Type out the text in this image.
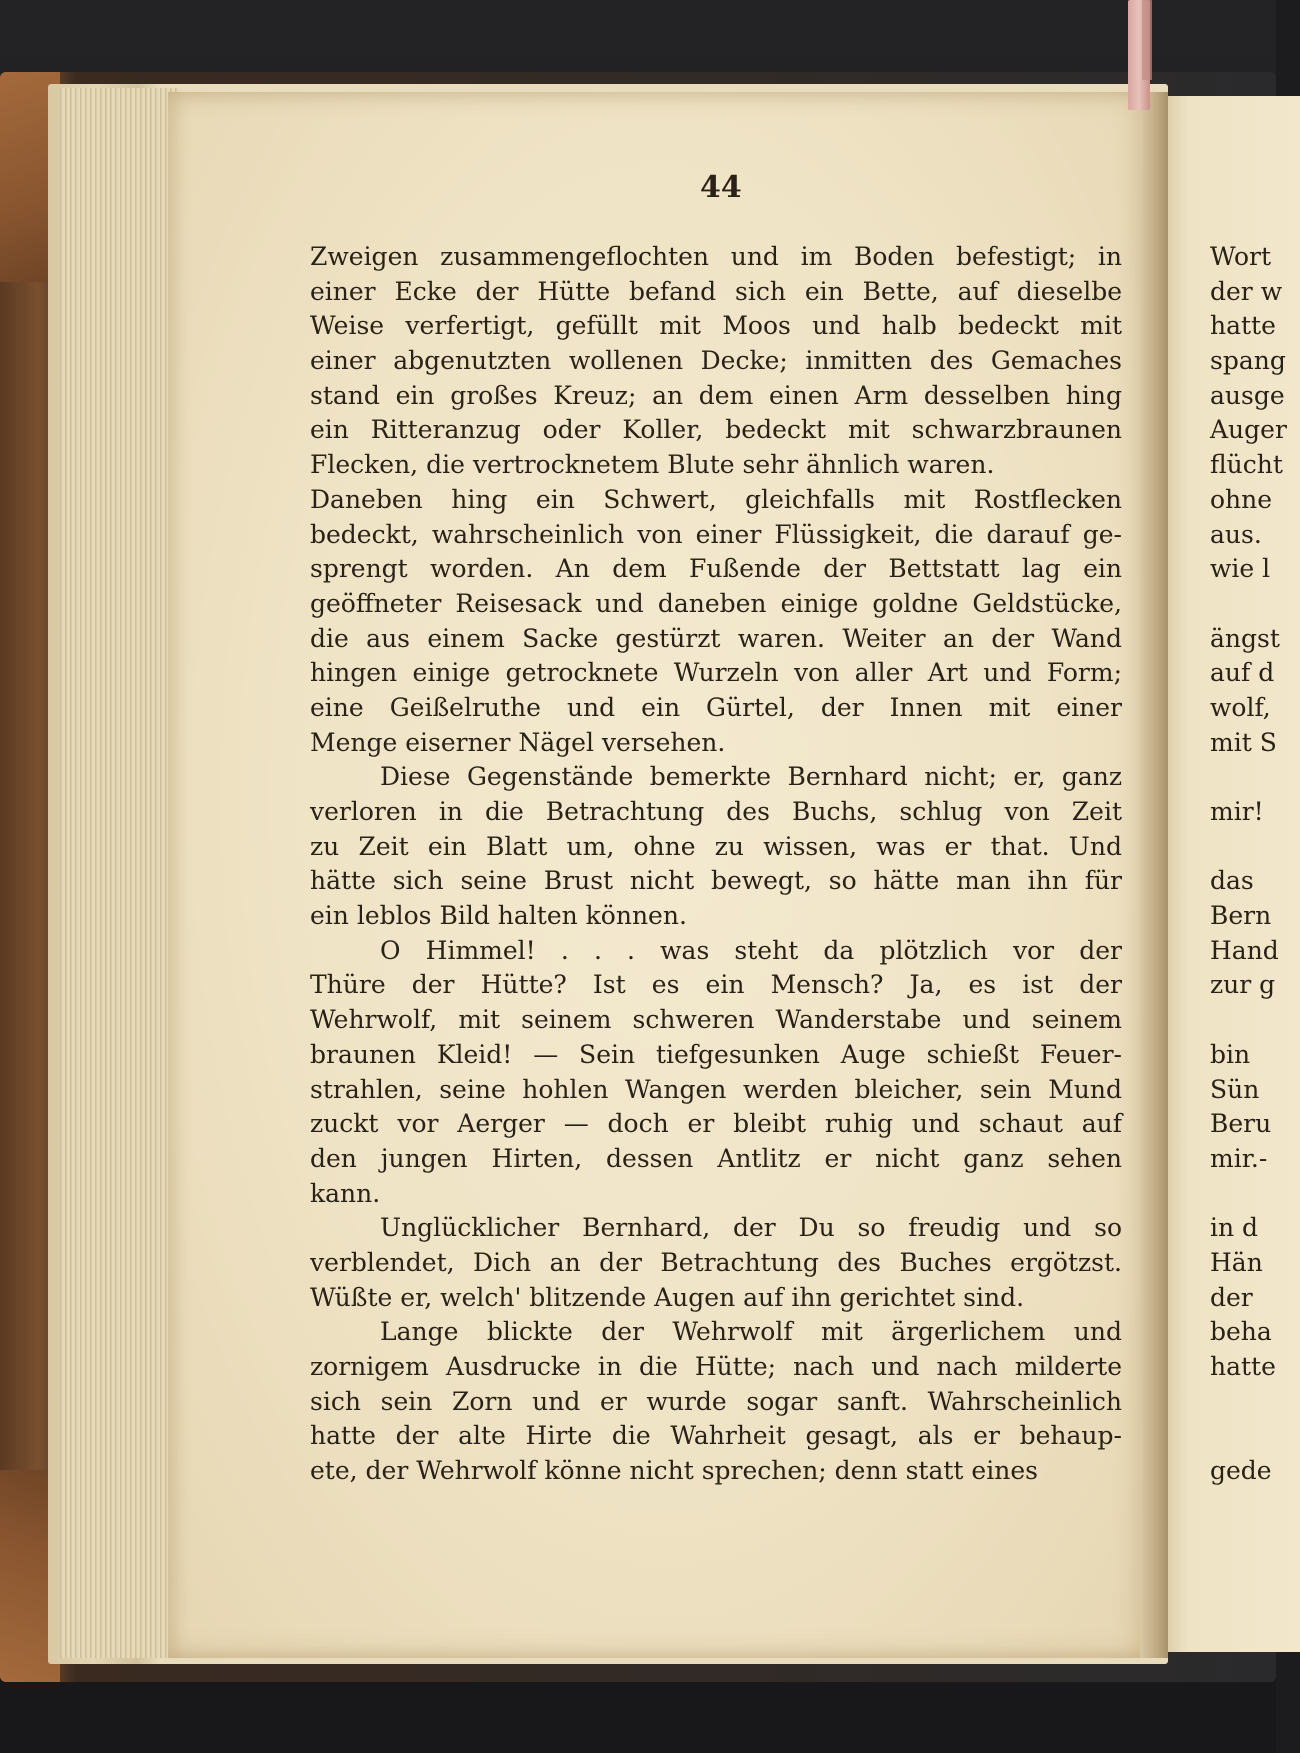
44
Zweigen zusammengeflochten und im Boden befestigt; in
einer Ecke der Hütte befand sich ein Bette, auf dieselbe
Weise verfertigt, gefüllt mit Moos und halb bedeckt mit
einer abgenutzten wollenen Decke; inmitten des Gemaches
stand ein großes Kreuz; an dem einen Arm desselben hing
ein Ritteranzug oder Koller, bedeckt mit schwarzbraunen
Flecken, die vertrocknetem Blute sehr ähnlich waren.
Daneben hing ein Schwert, gleichfalls mit Rostflecken
bedeckt, wahrscheinlich von einer Flüssigkeit, die darauf ge-
sprengt worden. An dem Fußende der Bettstatt lag ein
geöffneter Reisesack und daneben einige goldne Geldstücke,
die aus einem Sacke gestürzt waren. Weiter an der Wand
hingen einige getrocknete Wurzeln von aller Art und Form;
eine Geißelruthe und ein Gürtel, der Innen mit einer
Menge eiserner Nägel versehen.
Diese Gegenstände bemerkte Bernhard nicht; er, ganz
verloren in die Betrachtung des Buchs, schlug von Zeit
zu Zeit ein Blatt um, ohne zu wissen, was er that. Und
hätte sich seine Brust nicht bewegt, so hätte man ihn für
ein leblos Bild halten können.
O Himmel! . . . was steht da plötzlich vor der
Thüre der Hütte? Ist es ein Mensch? Ja, es ist der
Wehrwolf, mit seinem schweren Wanderstabe und seinem
braunen Kleid! — Sein tiefgesunken Auge schießt Feuer-
strahlen, seine hohlen Wangen werden bleicher, sein Mund
zuckt vor Aerger — doch er bleibt ruhig und schaut auf
den jungen Hirten, dessen Antlitz er nicht ganz sehen
kann.
Unglücklicher Bernhard, der Du so freudig und so
verblendet, Dich an der Betrachtung des Buches ergötzst.
Wüßte er, welch' blitzende Augen auf ihn gerichtet sind.
Lange blickte der Wehrwolf mit ärgerlichem und
zornigem Ausdrucke in die Hütte; nach und nach milderte
sich sein Zorn und er wurde sogar sanft. Wahrscheinlich
hatte der alte Hirte die Wahrheit gesagt, als er behaup-
ete, der Wehrwolf könne nicht sprechen; denn statt eines
Wort
der w
hatte
spang
ausge
Auger
flücht
ohne
aus.
wie l
ängst
auf d
wolf,
mit S
mir!
das
Bern
Hand
zur g
bin
Sün
Beru
mir.-
in d
Hän
der
beha
hatte
gede
